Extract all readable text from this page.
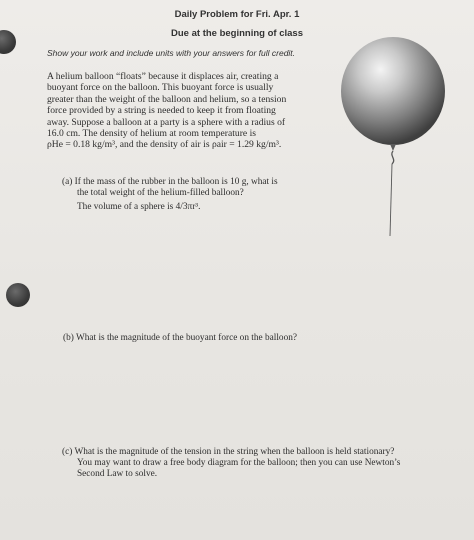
Daily Problem for Fri. Apr. 1
Due at the beginning of class
Show your work and include units with your answers for full credit.
A helium balloon “floats” because it displaces air, creating a
buoyant force on the balloon. This buoyant force is usually
greater than the weight of the balloon and helium, so a tension
force provided by a string is needed to keep it from floating
away. Suppose a balloon at a party is a sphere with a radius of
16.0 cm. The density of helium at room temperature is
ρHe = 0.18 kg/m³, and the density of air is ρair = 1.29 kg/m³.
(a) If the mass of the rubber in the balloon is 10 g, what is
the total weight of the helium-filled balloon?
The volume of a sphere is 4/3πr³.
(b) What is the magnitude of the buoyant force on the balloon?
(c) What is the magnitude of the tension in the string when the balloon is held stationary?
You may want to draw a free body diagram for the balloon; then you can use Newton’s
Second Law to solve.
